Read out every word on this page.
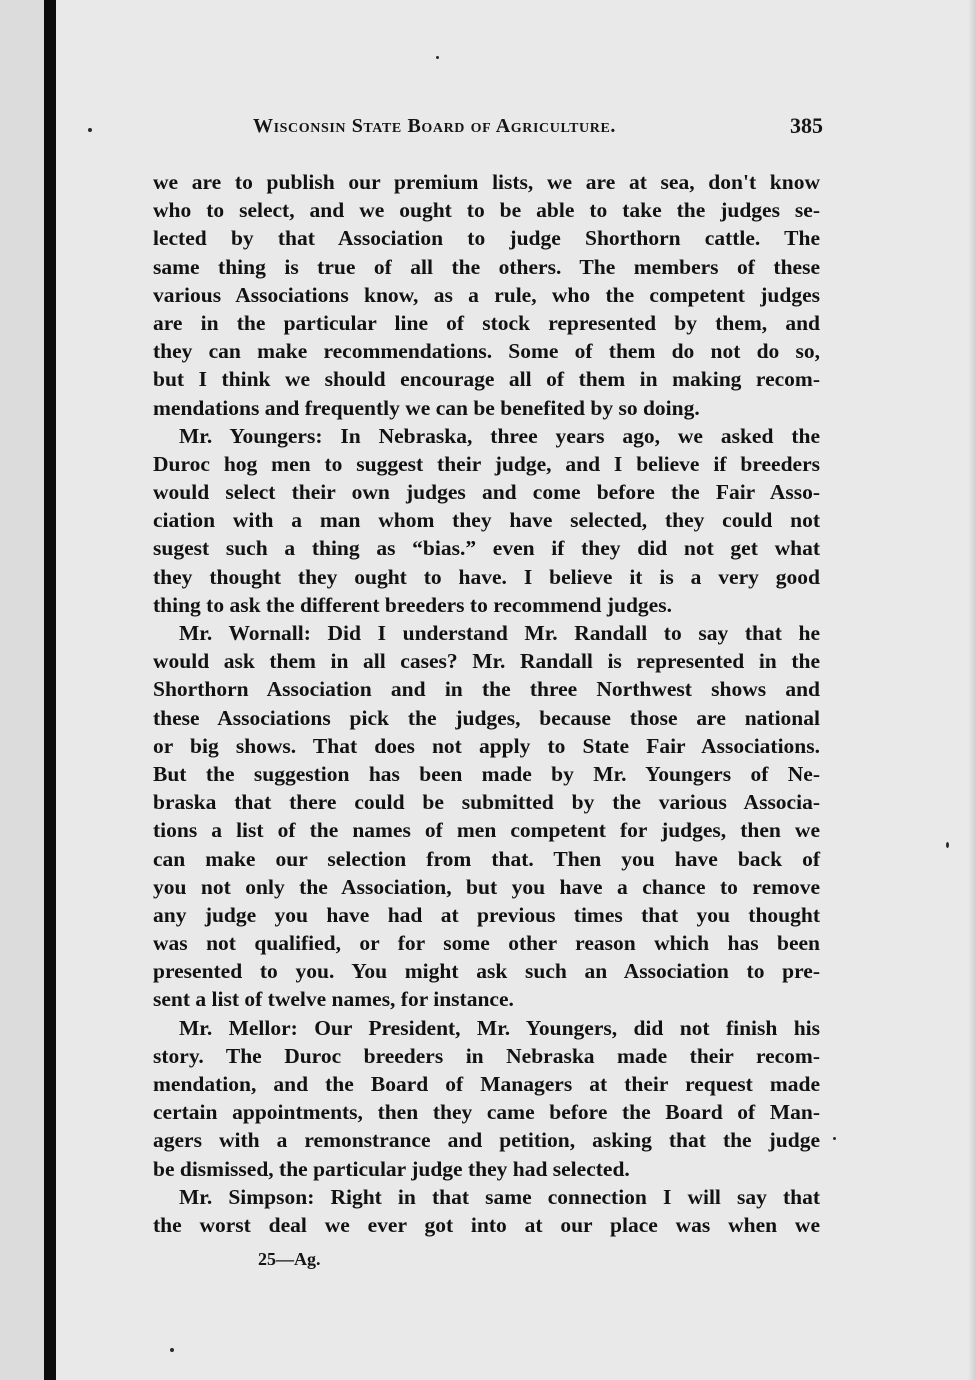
Wisconsin State Board of Agriculture.	385
we are to publish our premium lists, we are at sea, don't know
who to select, and we ought to be able to take the judges se-
lected by that Association to judge Shorthorn cattle. The
same thing is true of all the others. The members of these
various Associations know, as a rule, who the competent judges
are in the particular line of stock represented by them, and
they can make recommendations. Some of them do not do so,
but I think we should encourage all of them in making recom-
mendations and frequently we can be benefited by so doing.
Mr. Youngers: In Nebraska, three years ago, we asked the
Duroc hog men to suggest their judge, and I believe if breeders
would select their own judges and come before the Fair Asso-
ciation with a man whom they have selected, they could not
sugest such a thing as “bias.” even if they did not get what
they thought they ought to have. I believe it is a very good
thing to ask the different breeders to recommend judges.
Mr. Wornall: Did I understand Mr. Randall to say that he
would ask them in all cases? Mr. Randall is represented in the
Shorthorn Association and in the three Northwest shows and
these Associations pick the judges, because those are national
or big shows. That does not apply to State Fair Associations.
But the suggestion has been made by Mr. Youngers of Ne-
braska that there could be submitted by the various Associa-
tions a list of the names of men competent for judges, then we
can make our selection from that. Then you have back of
you not only the Association, but you have a chance to remove
any judge you have had at previous times that you thought
was not qualified, or for some other reason which has been
presented to you. You might ask such an Association to pre-
sent a list of twelve names, for instance.
Mr. Mellor: Our President, Mr. Youngers, did not finish his
story. The Duroc breeders in Nebraska made their recom-
mendation, and the Board of Managers at their request made
certain appointments, then they came before the Board of Man-
agers with a remonstrance and petition, asking that the judge
be dismissed, the particular judge they had selected.
Mr. Simpson: Right in that same connection I will say that
the worst deal we ever got into at our place was when we
25—Ag.
